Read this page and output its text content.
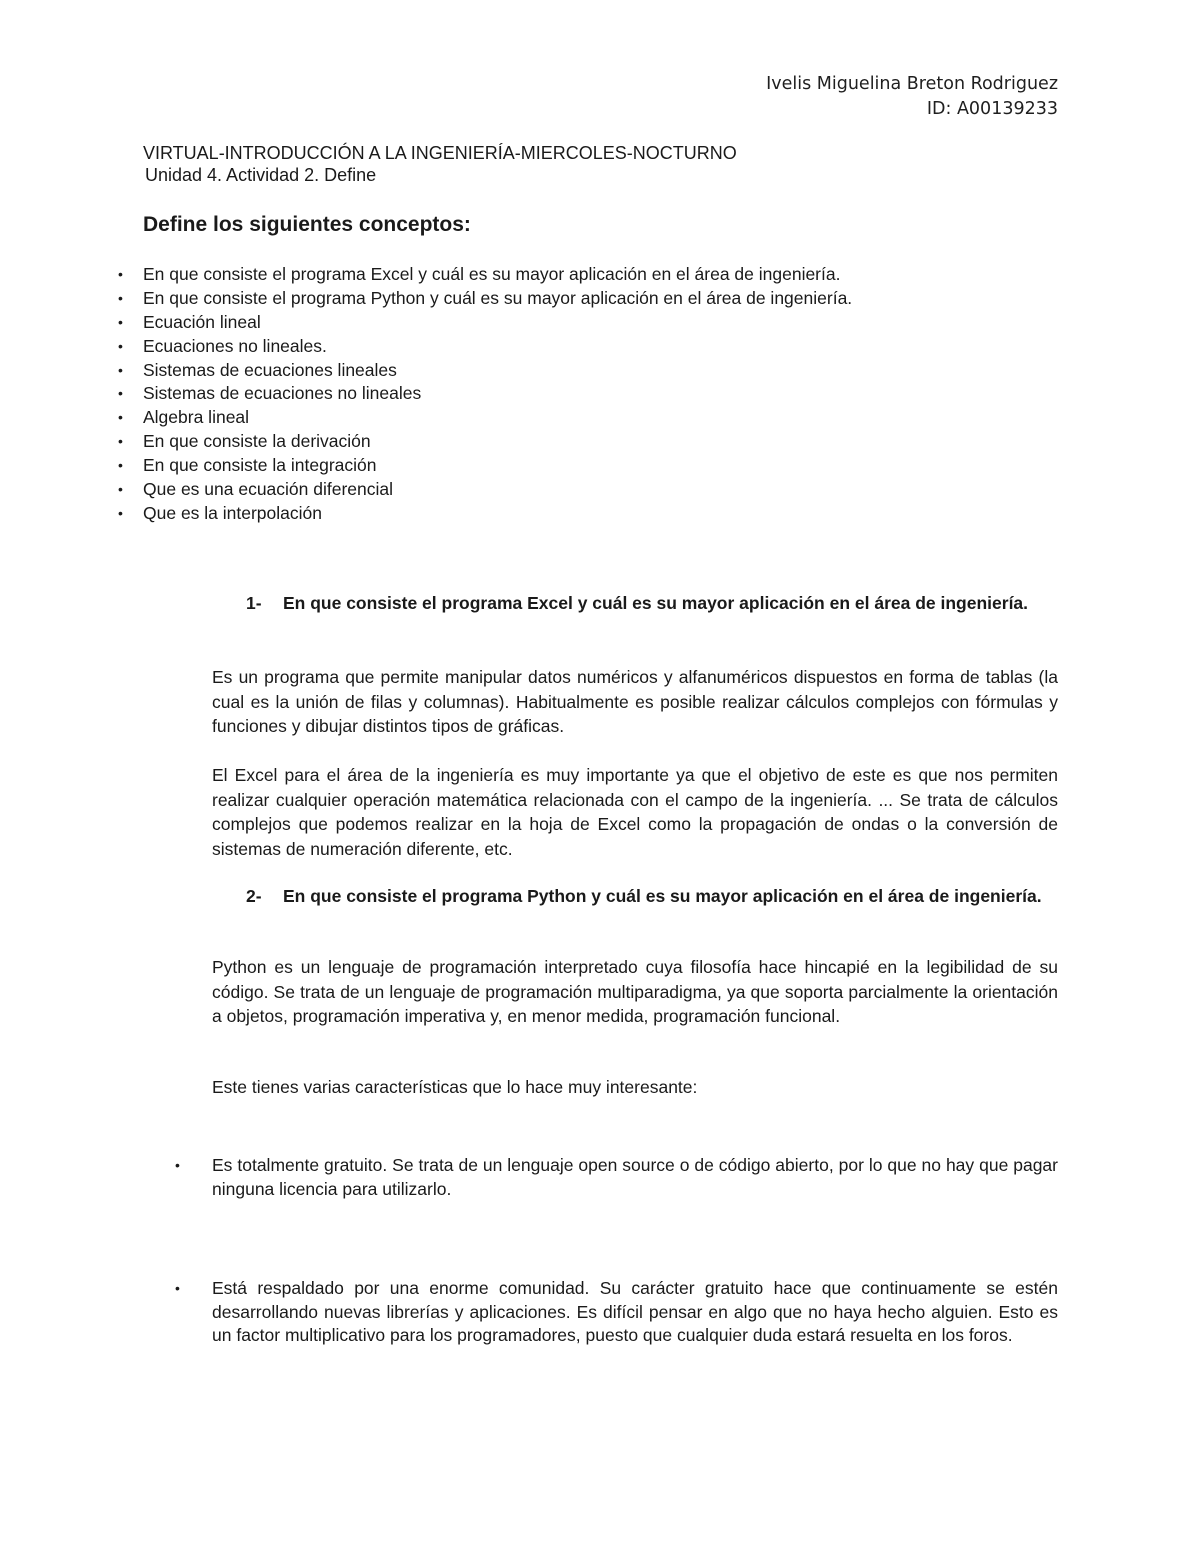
Ivelis Miguelina Breton Rodriguez
ID: A00139233
VIRTUAL-INTRODUCCIÓN A LA INGENIERÍA-MIERCOLES-NOCTURNO
Unidad 4. Actividad 2. Define
Define los siguientes conceptos:
• En que consiste el programa Excel y cuál es su mayor aplicación en el área de ingeniería.
• En que consiste el programa Python y cuál es su mayor aplicación en el área de ingeniería.
• Ecuación lineal
• Ecuaciones no lineales.
• Sistemas de ecuaciones lineales
• Sistemas de ecuaciones no lineales
• Algebra lineal
• En que consiste la derivación
• En que consiste la integración
• Que es una ecuación diferencial
• Que es la interpolación
1-	En que consiste el programa Excel y cuál es su mayor aplicación en el área de ingeniería.

Es un programa que permite manipular datos numéricos y alfanuméricos dispuestos en forma de tablas (la cual es la unión de filas y columnas). Habitualmente es posible realizar cálculos complejos con fórmulas y funciones y dibujar distintos tipos de gráficas.

El Excel para el área de la ingeniería es muy importante ya que el objetivo de este es que nos permiten realizar cualquier operación matemática relacionada con el campo de la ingeniería. ... Se trata de cálculos complejos que podemos realizar en la hoja de Excel como la propagación de ondas o la conversión de sistemas de numeración diferente, etc.

2-	En que consiste el programa Python y cuál es su mayor aplicación en el área de ingeniería.

Python es un lenguaje de programación interpretado cuya filosofía hace hincapié en la legibilidad de su código. Se trata de un lenguaje de programación multiparadigma, ya que soporta parcialmente la orientación a objetos, programación imperativa y, en menor medida, programación funcional.

Este tienes varias características que lo hace muy interesante:

• Es totalmente gratuito. Se trata de un lenguaje open source o de código abierto, por lo que no hay que pagar ninguna licencia para utilizarlo.
• Está respaldado por una enorme comunidad. Su carácter gratuito hace que continuamente se estén desarrollando nuevas librerías y aplicaciones. Es difícil pensar en algo que no haya hecho alguien. Esto es un factor multiplicativo para los programadores, puesto que cualquier duda estará resuelta en los foros.
